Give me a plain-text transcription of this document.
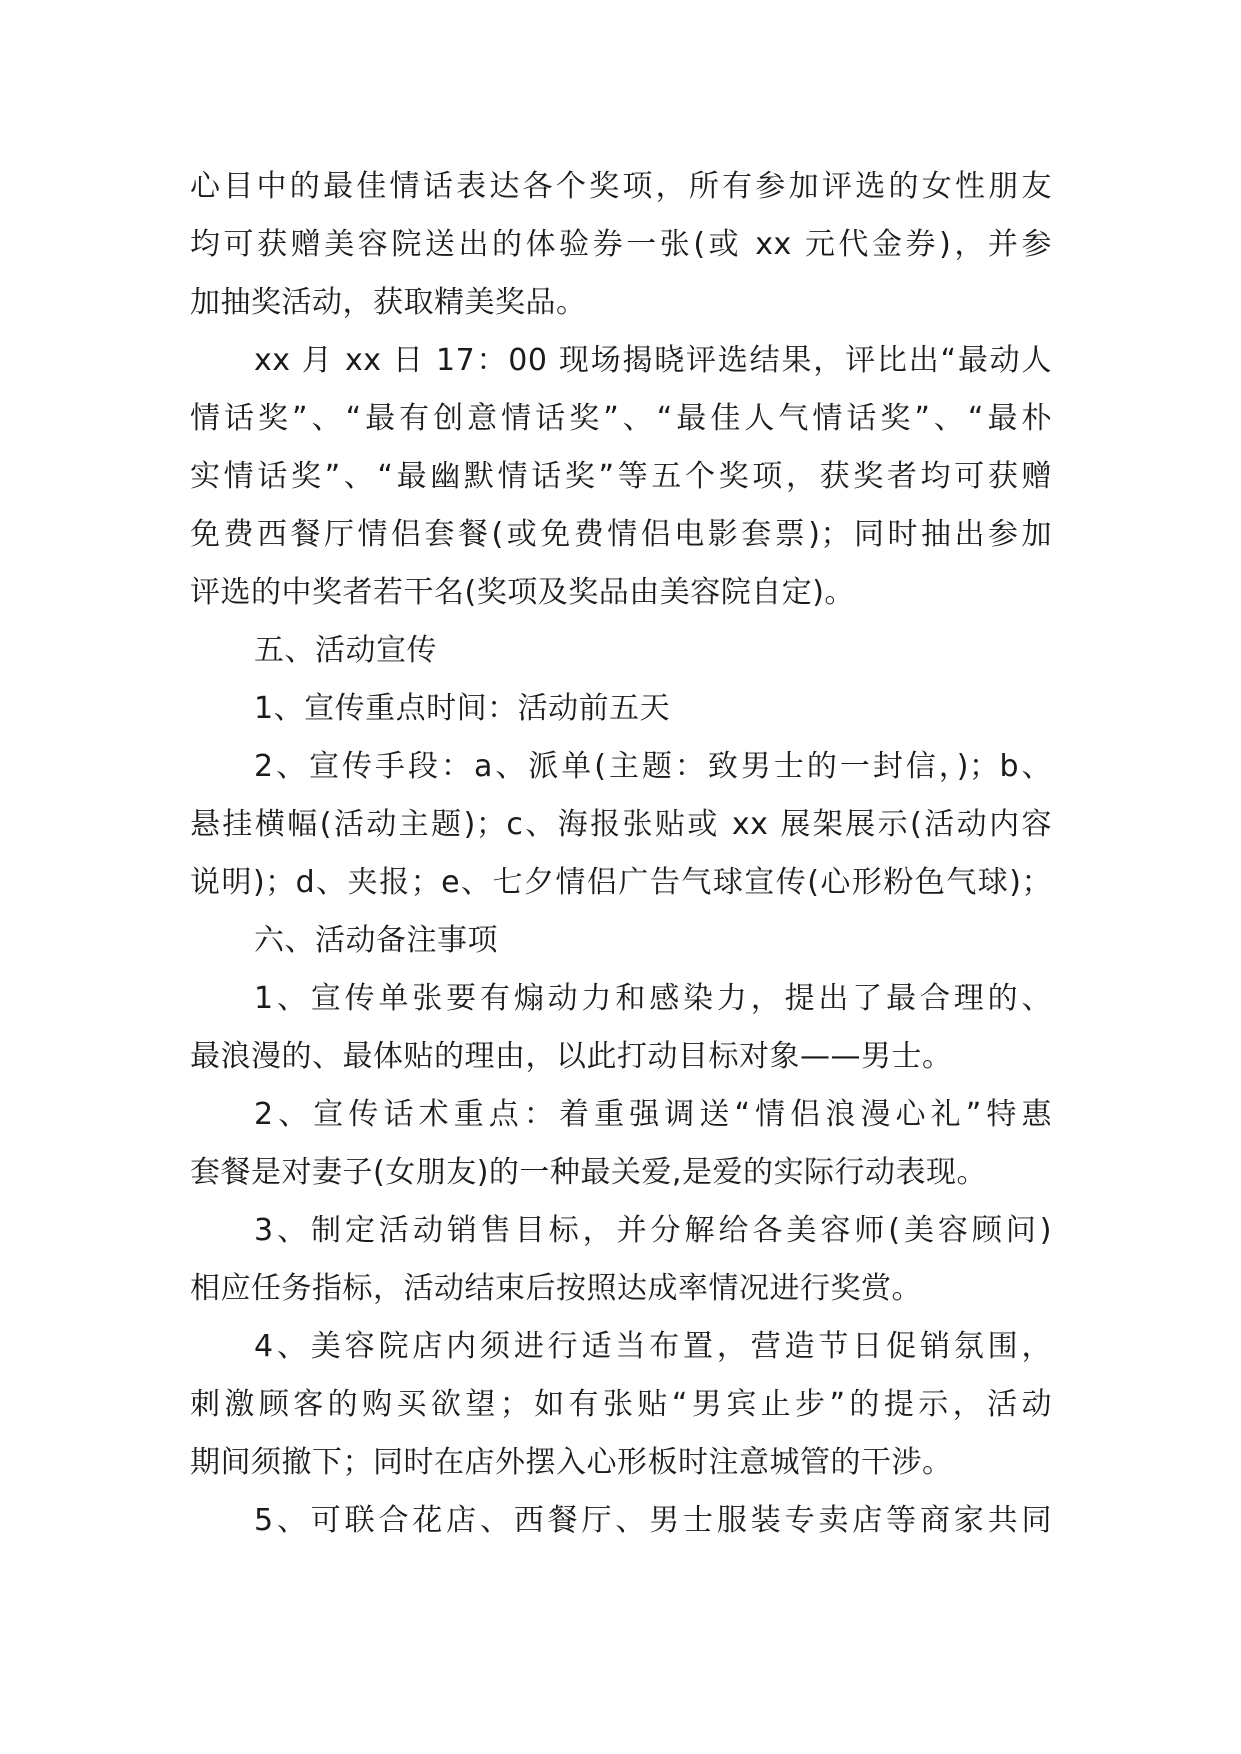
心目中的最佳情话表达各个奖项，所有参加评选的女性朋友
均可获赠美容院送出的体验券一张(或 xx 元代金券)，并参
加抽奖活动，获取精美奖品。
xx 月 xx 日 17：00 现场揭晓评选结果，评比出“最动人
情话奖”、“最有创意情话奖”、“最佳人气情话奖”、“最朴
实情话奖”、“最幽默情话奖”等五个奖项，获奖者均可获赠
免费西餐厅情侣套餐(或免费情侣电影套票)；同时抽出参加
评选的中奖者若干名(奖项及奖品由美容院自定)。
五、活动宣传
1、宣传重点时间：活动前五天
2、宣传手段：a、派单(主题：致男士的一封信，)；b、
悬挂横幅(活动主题)；c、海报张贴或 xx 展架展示(活动内容
说明)；d、夹报；e、七夕情侣广告气球宣传(心形粉色气球)；
六、活动备注事项
1、宣传单张要有煽动力和感染力，提出了最合理的、
最浪漫的、最体贴的理由，以此打动目标对象——男士。
2、宣传话术重点：着重强调送“情侣浪漫心礼”特惠
套餐是对妻子(女朋友)的一种最关爱,是爱的实际行动表现。
3、制定活动销售目标，并分解给各美容师(美容顾问)
相应任务指标，活动结束后按照达成率情况进行奖赏。
4、美容院店内须进行适当布置，营造节日促销氛围，
刺激顾客的购买欲望；如有张贴“男宾止步”的提示，活动
期间须撤下；同时在店外摆入心形板时注意城管的干涉。
5、可联合花店、西餐厅、男士服装专卖店等商家共同
